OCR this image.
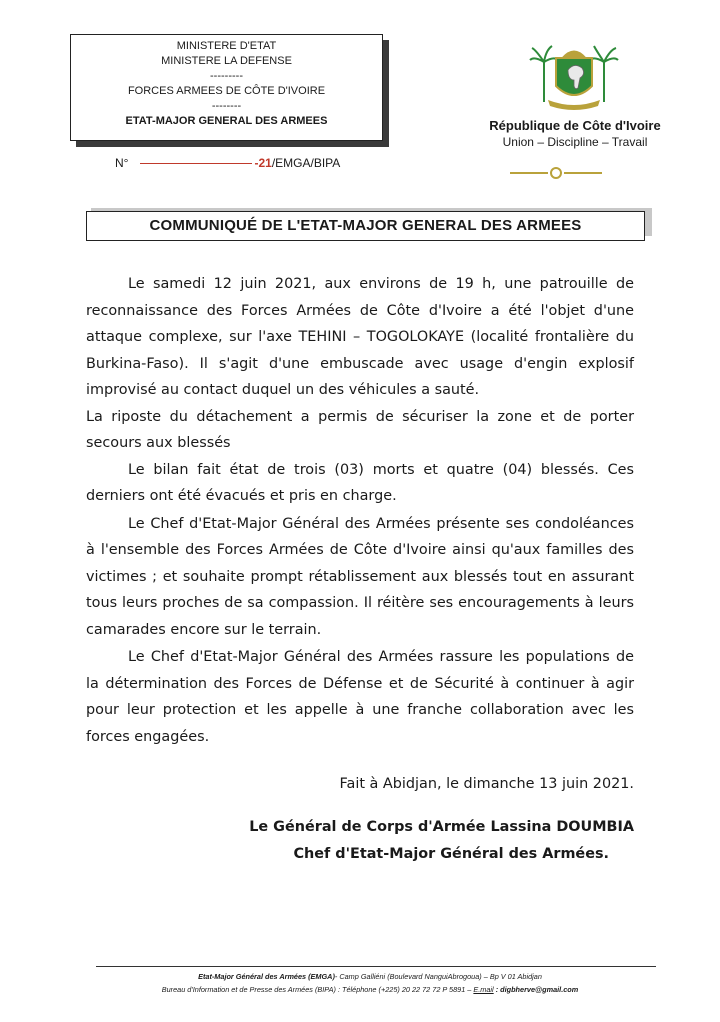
MINISTERE D'ETAT
MINISTERE LA DEFENSE
---------
FORCES ARMEES DE CÔTE D'IVOIRE
--------
ETAT-MAJOR GENERAL DES ARMEES
N°	-21/EMGA/BIPA
République de Côte d'Ivoire
Union – Discipline – Travail
COMMUNIQUÉ DE L'ETAT-MAJOR GENERAL DES ARMEES

Le samedi 12 juin 2021, aux environs de 19 h, une patrouille de reconnaissance des Forces Armées de Côte d'Ivoire a été l'objet d'une attaque complexe, sur l'axe TEHINI – TOGOLOKAYE (localité frontalière du Burkina-Faso). Il s'agit d'une embuscade avec usage d'engin explosif improvisé au contact duquel un des véhicules a sauté.

La riposte du détachement a permis de sécuriser la zone et de porter secours aux blessés

Le bilan fait état de trois (03) morts et quatre (04) blessés. Ces derniers ont été évacués et pris en charge.

Le Chef d'Etat-Major Général des Armées présente ses condoléances à l'ensemble des Forces Armées de Côte d'Ivoire ainsi qu'aux familles des victimes ; et souhaite prompt rétablissement aux blessés tout en assurant tous leurs proches de sa compassion. Il réitère ses encouragements à leurs camarades encore sur le terrain.

Le Chef d'Etat-Major Général des Armées rassure les populations de la détermination des Forces de Défense et de Sécurité à continuer à agir pour leur protection et les appelle à une franche collaboration avec les forces engagées.

Fait à Abidjan, le dimanche 13 juin 2021.
Le Général de Corps d'Armée Lassina DOUMBIA
Chef d'Etat-Major Général des Armées.
Etat-Major Général des Armées (EMGA)- Camp Galliéni (Boulevard NanguiAbrogoua) – Bp V 01 Abidjan
Bureau d'Information et de Presse des Armées (BIPA) : Téléphone (+225) 20 22 72 72 P 5891 – E.mail : digbherve@gmail.com
